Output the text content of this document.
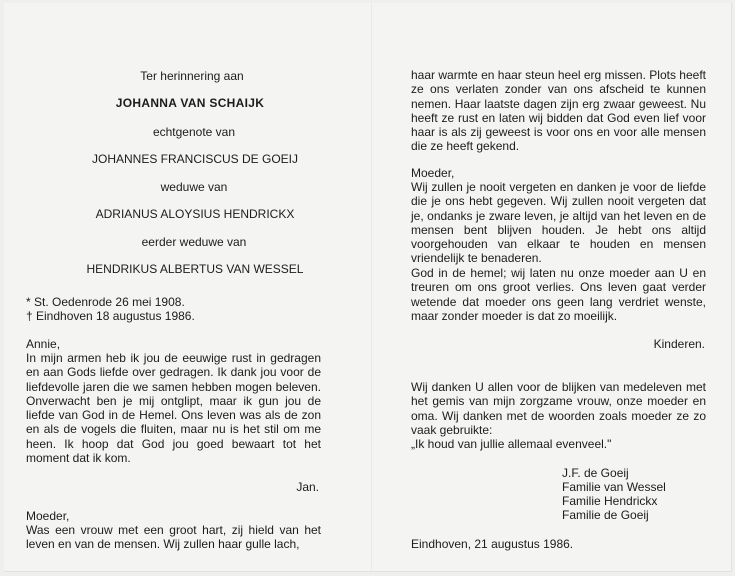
Ter herinnering aan
JOHANNA VAN SCHAIJK
echtgenote van
JOHANNES FRANCISCUS DE GOEIJ
weduwe van
ADRIANUS ALOYSIUS HENDRICKX
eerder weduwe van
HENDRIKUS ALBERTUS VAN WESSEL
* St. Oedenrode 26 mei 1908.
† Eindhoven 18 augustus 1986.
Annie,
In mijn armen heb ik jou de eeuwige rust in gedragen en aan Gods liefde over gedragen. Ik dank jou voor de liefdevolle jaren die we samen hebben mogen beleven. Onverwacht ben je mij ontglipt, maar ik gun jou de liefde van God in de Hemel. Ons leven was als de zon en als de vogels die fluiten, maar nu is het stil om me heen. Ik hoop dat God jou goed bewaart tot het moment dat ik kom.
Jan.
Moeder,
Was een vrouw met een groot hart, zij hield van het leven en van de mensen. Wij zullen haar gulle lach,
haar warmte en haar steun heel erg missen. Plots heeft ze ons verlaten zonder van ons afscheid te kunnen nemen. Haar laatste dagen zijn erg zwaar geweest. Nu heeft ze rust en laten wij bidden dat God even lief voor haar is als zij geweest is voor ons en voor alle mensen die ze heeft gekend.
Moeder,
Wij zullen je nooit vergeten en danken je voor de liefde die je ons hebt gegeven. Wij zullen nooit vergeten dat je, ondanks je zware leven, je altijd van het leven en de mensen bent blijven houden. Je hebt ons altijd voorgehouden van elkaar te houden en mensen vriendelijk te benaderen.
God in de hemel; wij laten nu onze moeder aan U en treuren om ons groot verlies. Ons leven gaat verder wetende dat moeder ons geen lang verdriet wenste, maar zonder moeder is dat zo moeilijk.
Kinderen.
Wij danken U allen voor de blijken van medeleven met het gemis van mijn zorgzame vrouw, onze moeder en oma. Wij danken met de woorden zoals moeder ze zo vaak gebruikte:
„Ik houd van jullie allemaal evenveel."
J.F. de Goeij
Familie van Wessel
Familie Hendrickx
Familie de Goeij
Eindhoven, 21 augustus 1986.
